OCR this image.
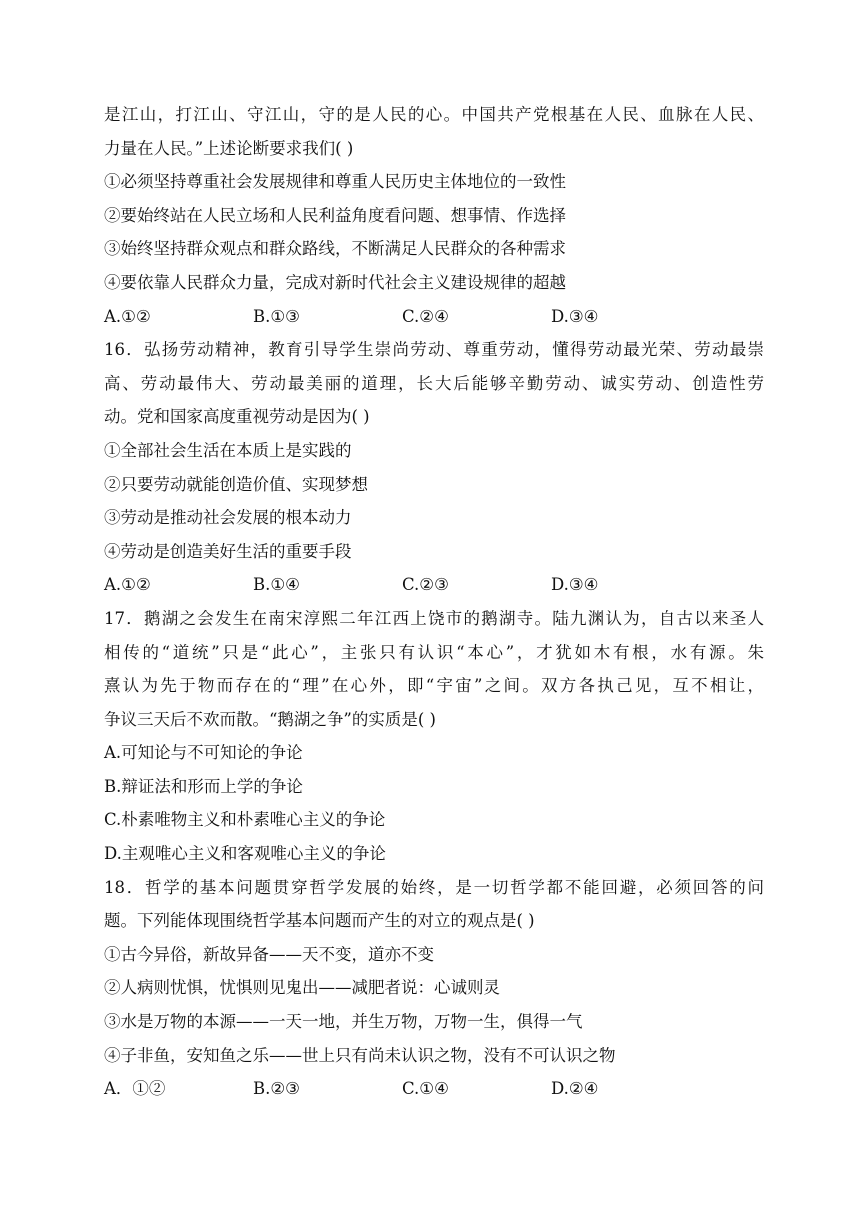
是江山，打江山、守江山，守的是人民的心。中国共产党根基在人民、血脉在人民、
力量在人民。”上述论断要求我们( )
①必须坚持尊重社会发展规律和尊重人民历史主体地位的一致性
②要始终站在人民立场和人民利益角度看问题、想事情、作选择
③始终坚持群众观点和群众路线，不断满足人民群众的各种需求
④要依靠人民群众力量，完成对新时代社会主义建设规律的超越
A.①②	B.①③	C.②④	D.③④
16．弘扬劳动精神，教育引导学生崇尚劳动、尊重劳动，懂得劳动最光荣、劳动最崇
高、劳动最伟大、劳动最美丽的道理，长大后能够辛勤劳动、诚实劳动、创造性劳
动。党和国家高度重视劳动是因为( )
①全部社会生活在本质上是实践的
②只要劳动就能创造价值、实现梦想
③劳动是推动社会发展的根本动力
④劳动是创造美好生活的重要手段
A.①②	B.①④	C.②③	D.③④
17．鹅湖之会发生在南宋淳熙二年江西上饶市的鹅湖寺。陆九渊认为，自古以来圣人
相传的“道统”只是“此心”，主张只有认识“本心”，才犹如木有根，水有源。朱
熹认为先于物而存在的“理”在心外，即“宇宙”之间。双方各执己见，互不相让，
争议三天后不欢而散。“鹅湖之争”的实质是( )
A.可知论与不可知论的争论
B.辩证法和形而上学的争论
C.朴素唯物主义和朴素唯心主义的争论
D.主观唯心主义和客观唯心主义的争论
18．哲学的基本问题贯穿哲学发展的始终，是一切哲学都不能回避，必须回答的问
题。下列能体现围绕哲学基本问题而产生的对立的观点是( )
①古今异俗，新故异备——天不变，道亦不变
②人病则忧惧，忧惧则见鬼出——减肥者说：心诚则灵
③水是万物的本源——一天一地，并生万物，万物一生，俱得一气
④子非鱼，安知鱼之乐——世上只有尚未认识之物，没有不可认识之物
A．①②	B.②③	C.①④	D.②④
